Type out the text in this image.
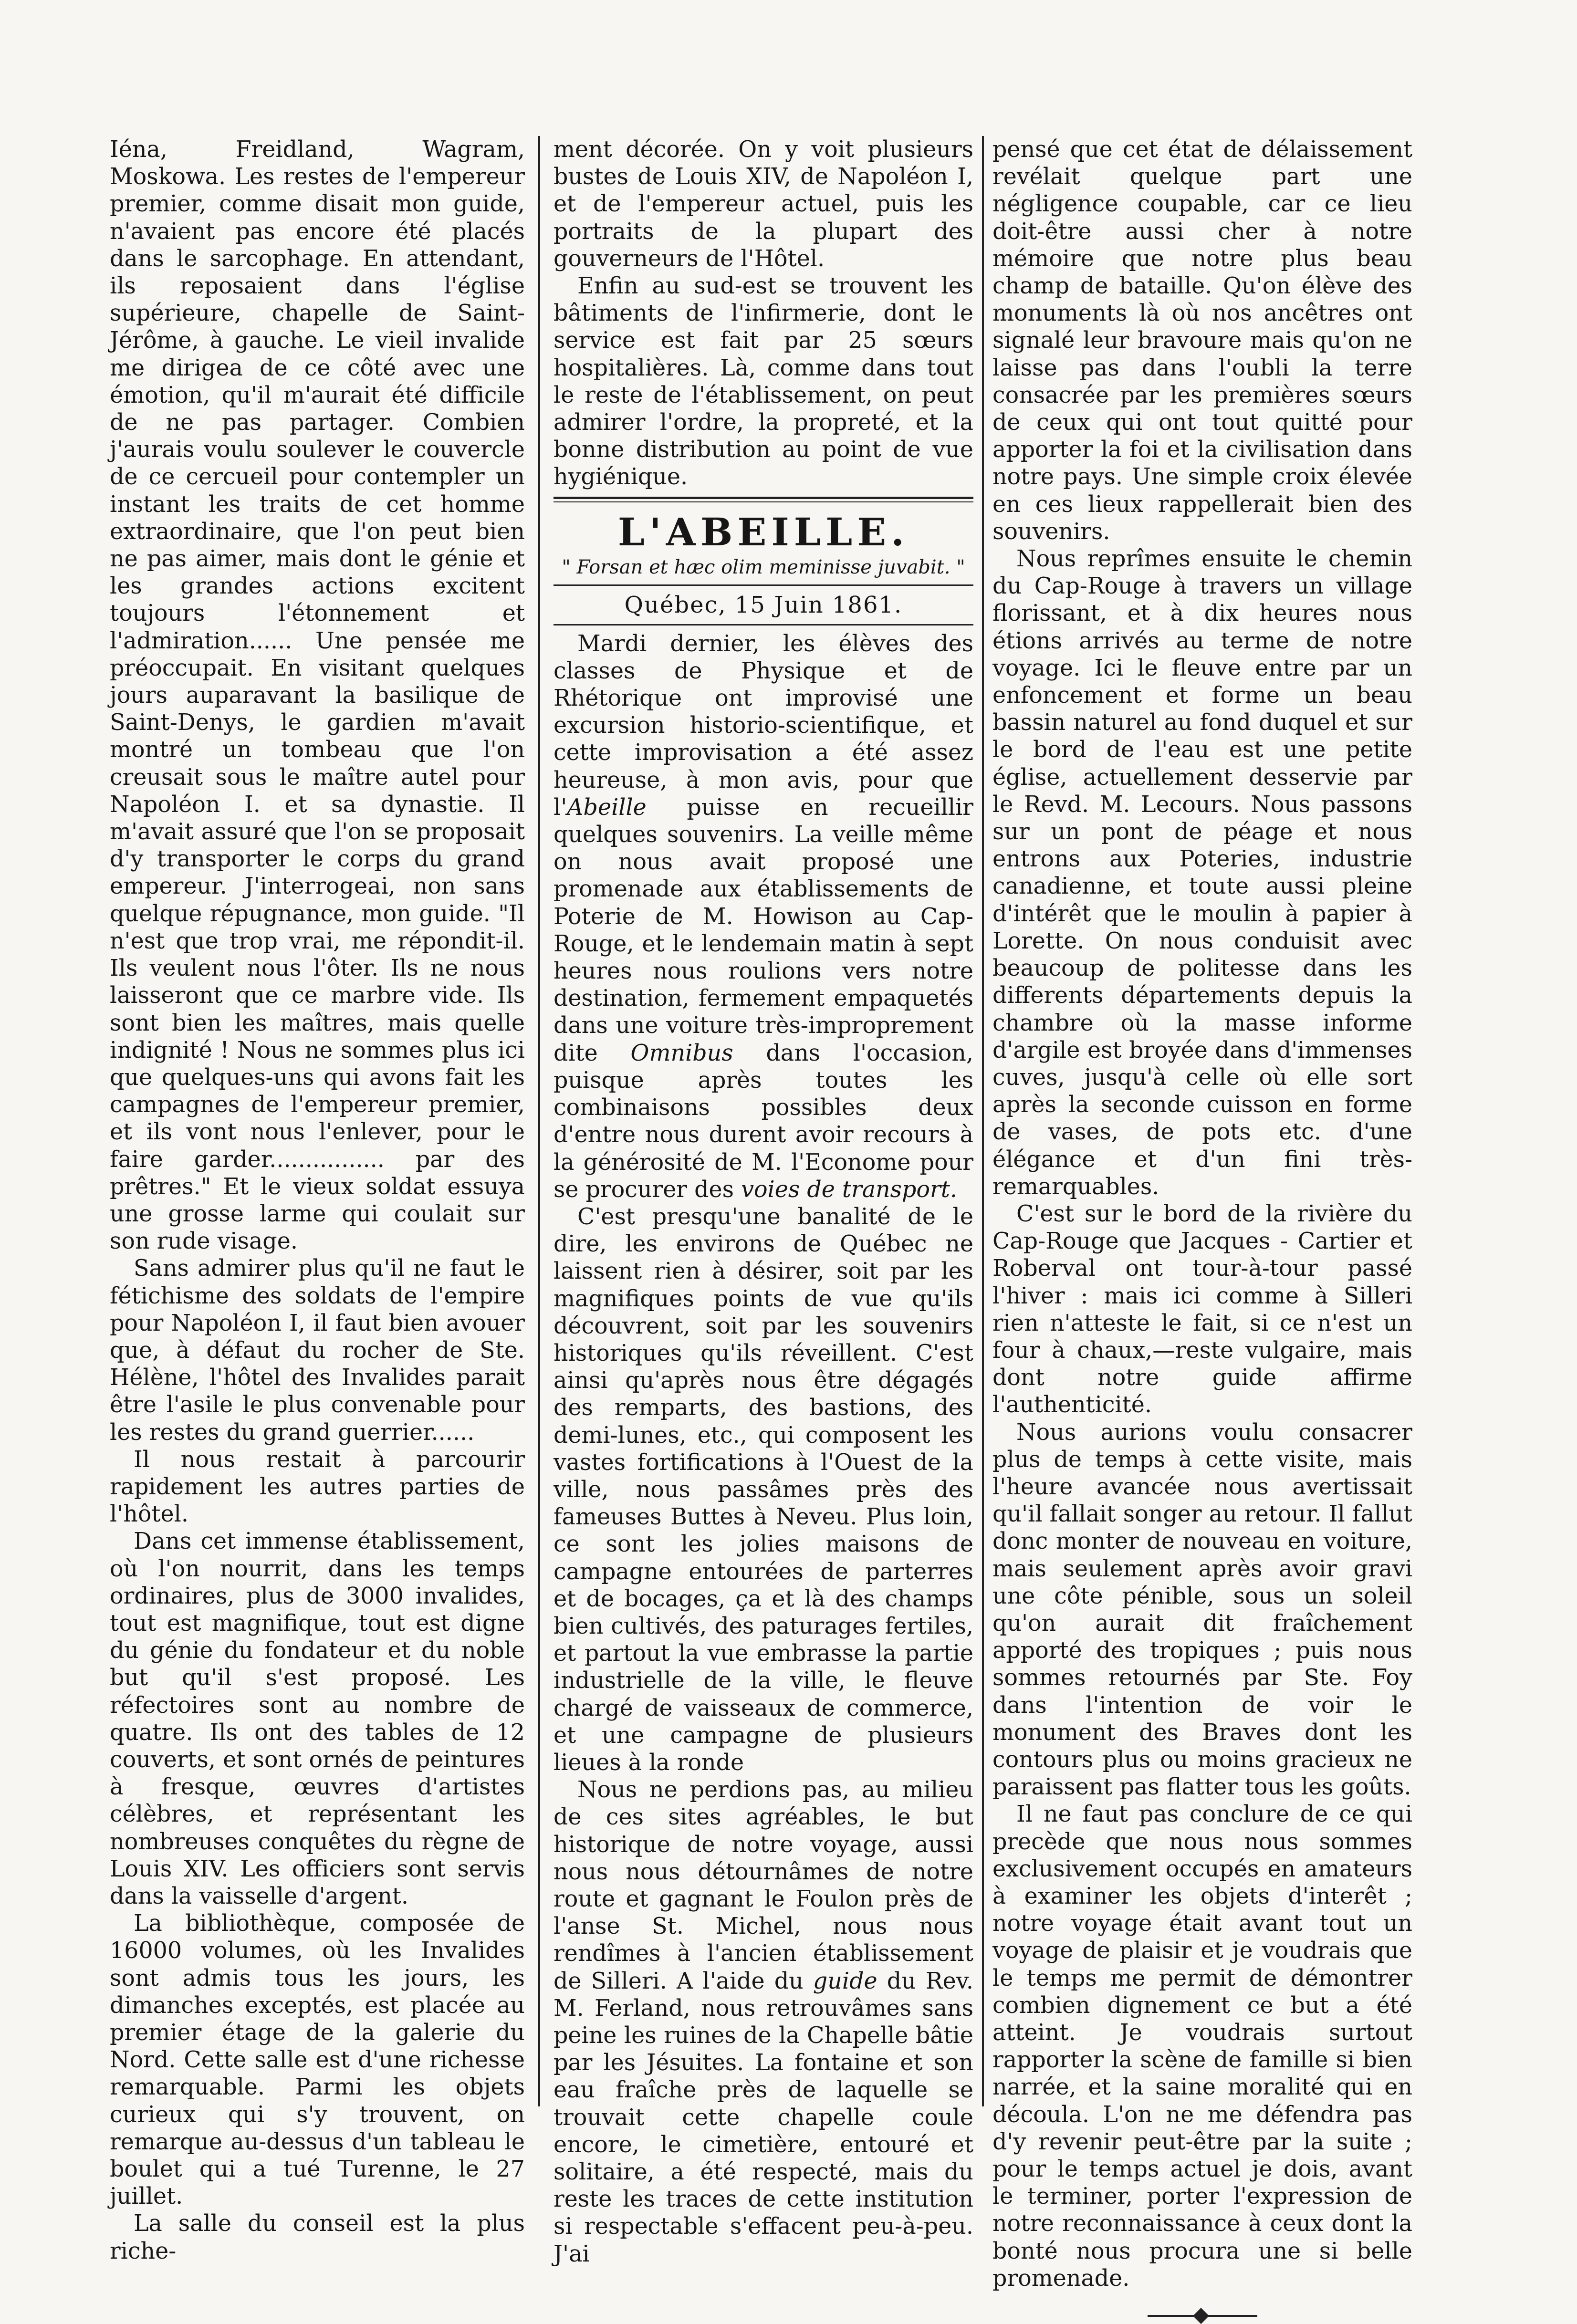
Iéna, Freidland, Wagram, Moskowa. Les restes de l'empereur premier, comme disait mon guide, n'avaient pas encore été placés dans le sarcophage. En attendant, ils reposaient dans l'église supérieure, chapelle de Saint-Jérôme, à gauche. Le vieil invalide me dirigea de ce côté avec une émotion, qu'il m'aurait été difficile de ne pas partager. Combien j'aurais voulu soulever le couvercle de ce cercueil pour contempler un instant les traits de cet homme extraordinaire, que l'on peut bien ne pas aimer, mais dont le génie et les grandes actions excitent toujours l'étonnement et l'admiration...... Une pensée me préoccupait. En visitant quelques jours auparavant la basilique de Saint-Denys, le gardien m'avait montré un tombeau que l'on creusait sous le maître autel pour Napoléon I. et sa dynastie. Il m'avait assuré que l'on se proposait d'y transporter le corps du grand empereur. J'interrogeai, non sans quelque répugnance, mon guide. "Il n'est que trop vrai, me répondit-il. Ils veulent nous l'ôter. Ils ne nous laisseront que ce marbre vide. Ils sont bien les maîtres, mais quelle indignité ! Nous ne sommes plus ici que quelques-uns qui avons fait les campagnes de l'empereur premier, et ils vont nous l'enlever, pour le faire garder................ par des prêtres." Et le vieux soldat essuya une grosse larme qui coulait sur son rude visage.

Sans admirer plus qu'il ne faut le fétichisme des soldats de l'empire pour Napoléon I, il faut bien avouer que, à défaut du rocher de Ste. Hélène, l'hôtel des Invalides parait être l'asile le plus convenable pour les restes du grand guerrier......

Il nous restait à parcourir rapidement les autres parties de l'hôtel.

Dans cet immense établissement, où l'on nourrit, dans les temps ordinaires, plus de 3000 invalides, tout est magnifique, tout est digne du génie du fondateur et du noble but qu'il s'est proposé. Les réfectoires sont au nombre de quatre. Ils ont des tables de 12 couverts, et sont ornés de peintures à fresque, œuvres d'artistes célèbres, et représentant les nombreuses conquêtes du règne de Louis XIV. Les officiers sont servis dans la vaisselle d'argent.

La bibliothèque, composée de 16000 volumes, où les Invalides sont admis tous les jours, les dimanches exceptés, est placée au premier étage de la galerie du Nord. Cette salle est d'une richesse remarquable. Parmi les objets curieux qui s'y trouvent, on remarque au-dessus d'un tableau le boulet qui a tué Turenne, le 27 juillet.

La salle du conseil est la plus riche-

ment décorée. On y voit plusieurs bustes de Louis XIV, de Napoléon I, et de l'empereur actuel, puis les portraits de la plupart des gouverneurs de l'Hôtel.

Enfin au sud-est se trouvent les bâtiments de l'infirmerie, dont le service est fait par 25 sœurs hospitalières. Là, comme dans tout le reste de l'établissement, on peut admirer l'ordre, la propreté, et la bonne distribution au point de vue hygiénique.

L'ABEILLE.
" Forsan et hæc olim meminisse juvabit. "
Québec, 15 Juin 1861.

Mardi dernier, les élèves des classes de Physique et de Rhétorique ont improvisé une excursion historio-scientifique, et cette improvisation a été assez heureuse, à mon avis, pour que l'Abeille puisse en recueillir quelques souvenirs. La veille même on nous avait proposé une promenade aux établissements de Poterie de M. Howison au Cap-Rouge, et le lendemain matin à sept heures nous roulions vers notre destination, fermement empaquetés dans une voiture très-improprement dite Omnibus dans l'occasion, puisque après toutes les combinaisons possibles deux d'entre nous durent avoir recours à la générosité de M. l'Econome pour se procurer des voies de transport.

C'est presqu'une banalité de le dire, les environs de Québec ne laissent rien à désirer, soit par les magnifiques points de vue qu'ils découvrent, soit par les souvenirs historiques qu'ils réveillent. C'est ainsi qu'après nous être dégagés des remparts, des bastions, des demi-lunes, etc., qui composent les vastes fortifications à l'Ouest de la ville, nous passâmes près des fameuses Buttes à Neveu. Plus loin, ce sont les jolies maisons de campagne entourées de parterres et de bocages, ça et là des champs bien cultivés, des paturages fertiles, et partout la vue embrasse la partie industrielle de la ville, le fleuve chargé de vaisseaux de commerce, et une campagne de plusieurs lieues à la ronde

Nous ne perdions pas, au milieu de ces sites agréables, le but historique de notre voyage, aussi nous nous détournâmes de notre route et gagnant le Foulon près de l'anse St. Michel, nous nous rendîmes à l'ancien établissement de Silleri. A l'aide du guide du Rev. M. Ferland, nous retrouvâmes sans peine les ruines de la Chapelle bâtie par les Jésuites. La fontaine et son eau fraîche près de laquelle se trouvait cette chapelle coule encore, le cimetière, entouré et solitaire, a été respecté, mais du reste les traces de cette institution si respectable s'effacent peu-à-peu. J'ai

pensé que cet état de délaissement revélait quelque part une négligence coupable, car ce lieu doit-être aussi cher à notre mémoire que notre plus beau champ de bataille. Qu'on élève des monuments là où nos ancêtres ont signalé leur bravoure mais qu'on ne laisse pas dans l'oubli la terre consacrée par les premières sœurs de ceux qui ont tout quitté pour apporter la foi et la civilisation dans notre pays. Une simple croix élevée en ces lieux rappellerait bien des souvenirs.

Nous reprîmes ensuite le chemin du Cap-Rouge à travers un village florissant, et à dix heures nous étions arrivés au terme de notre voyage. Ici le fleuve entre par un enfoncement et forme un beau bassin naturel au fond duquel et sur le bord de l'eau est une petite église, actuellement desservie par le Revd. M. Lecours. Nous passons sur un pont de péage et nous entrons aux Poteries, industrie canadienne, et toute aussi pleine d'intérêt que le moulin à papier à Lorette. On nous conduisit avec beaucoup de politesse dans les differents départements depuis la chambre où la masse informe d'argile est broyée dans d'immenses cuves, jusqu'à celle où elle sort après la seconde cuisson en forme de vases, de pots etc. d'une élégance et d'un fini très-remarquables.

C'est sur le bord de la rivière du Cap-Rouge que Jacques - Cartier et Roberval ont tour-à-tour passé l'hiver : mais ici comme à Silleri rien n'atteste le fait, si ce n'est un four à chaux,—reste vulgaire, mais dont notre guide affirme l'authenticité.

Nous aurions voulu consacrer plus de temps à cette visite, mais l'heure avancée nous avertissait qu'il fallait songer au retour. Il fallut donc monter de nouveau en voiture, mais seulement après avoir gravi une côte pénible, sous un soleil qu'on aurait dit fraîchement apporté des tropiques ; puis nous sommes retournés par Ste. Foy dans l'intention de voir le monument des Braves dont les contours plus ou moins gracieux ne paraissent pas flatter tous les goûts.

Il ne faut pas conclure de ce qui precède que nous nous sommes exclusivement occupés en amateurs à examiner les objets d'interêt ; notre voyage était avant tout un voyage de plaisir et je voudrais que le temps me permit de démontrer combien dignement ce but a été atteint. Je voudrais surtout rapporter la scène de famille si bien narrée, et la saine moralité qui en découla. L'on ne me défendra pas d'y revenir peut-être par la suite ; pour le temps actuel je dois, avant le terminer, porter l'expression de notre reconnaissance à ceux dont la bonté nous procura une si belle promenade.
